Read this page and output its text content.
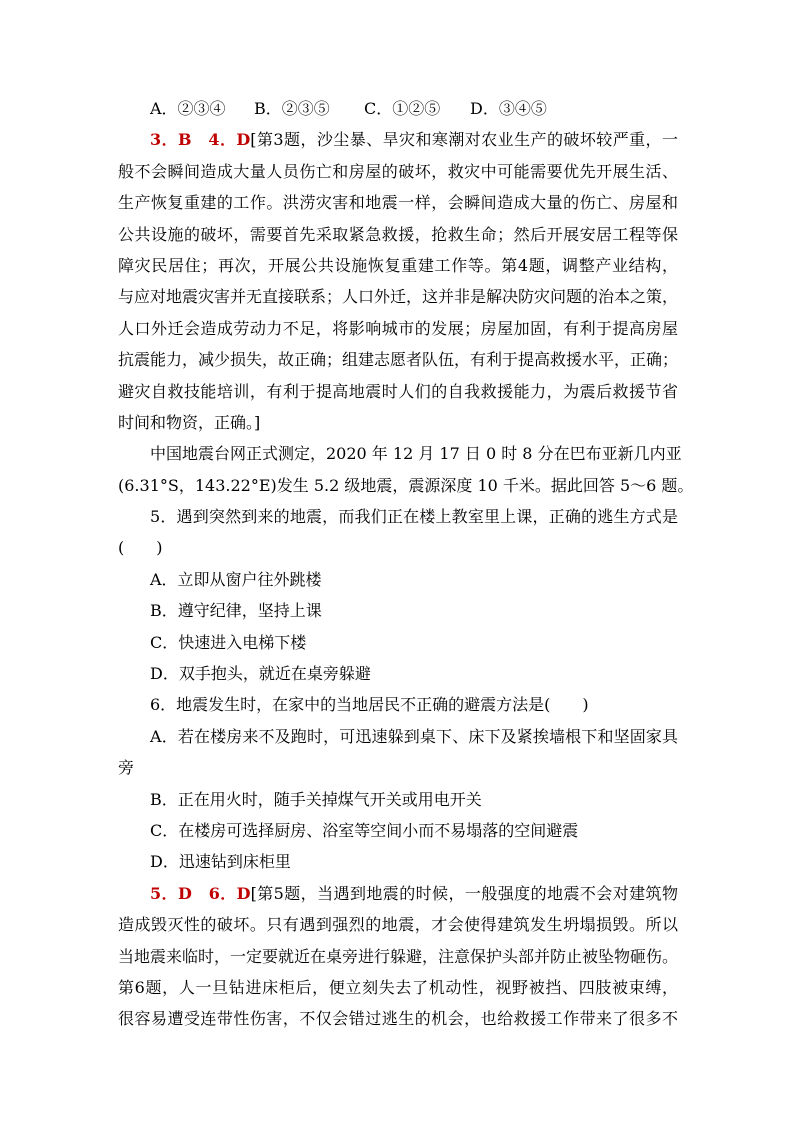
A．②③④ B．②③⑤ C．①②⑤ D．③④⑤
3．B　4．D[第3题，沙尘暴、旱灾和寒潮对农业生产的破坏较严重，一
般不会瞬间造成大量人员伤亡和房屋的破坏，救灾中可能需要优先开展生活、
生产恢复重建的工作。洪涝灾害和地震一样，会瞬间造成大量的伤亡、房屋和
公共设施的破坏，需要首先采取紧急救援，抢救生命；然后开展安居工程等保
障灾民居住；再次，开展公共设施恢复重建工作等。第4题，调整产业结构，
与应对地震灾害并无直接联系；人口外迁，这并非是解决防灾问题的治本之策，
人口外迁会造成劳动力不足，将影响城市的发展；房屋加固，有利于提高房屋
抗震能力，减少损失，故正确；组建志愿者队伍，有利于提高救援水平，正确；
避灾自救技能培训，有利于提高地震时人们的自我救援能力，为震后救援节省
时间和物资，正确。]
中国地震台网正式测定，2020 年 12 月 17 日 0 时 8 分在巴布亚新几内亚
(6.31°S，143.22°E)发生 5.2 级地震，震源深度 10 千米。据此回答 5～6 题。
5．遇到突然到来的地震，而我们正在楼上教室里上课，正确的逃生方式是
(　　)
A．立即从窗户往外跳楼
B．遵守纪律，坚持上课
C．快速进入电梯下楼
D．双手抱头，就近在桌旁躲避
6．地震发生时，在家中的当地居民不正确的避震方法是(　　)
A．若在楼房来不及跑时，可迅速躲到桌下、床下及紧挨墙根下和坚固家具
旁
B．正在用火时，随手关掉煤气开关或用电开关
C．在楼房可选择厨房、浴室等空间小而不易塌落的空间避震
D．迅速钻到床柜里
5．D　6．D[第5题，当遇到地震的时候，一般强度的地震不会对建筑物
造成毁灭性的破坏。只有遇到强烈的地震，才会使得建筑发生坍塌损毁。所以
当地震来临时，一定要就近在桌旁进行躲避，注意保护头部并防止被坠物砸伤。
第6题，人一旦钻进床柜后，便立刻失去了机动性，视野被挡、四肢被束缚，
很容易遭受连带性伤害，不仅会错过逃生的机会，也给救援工作带来了很多不
